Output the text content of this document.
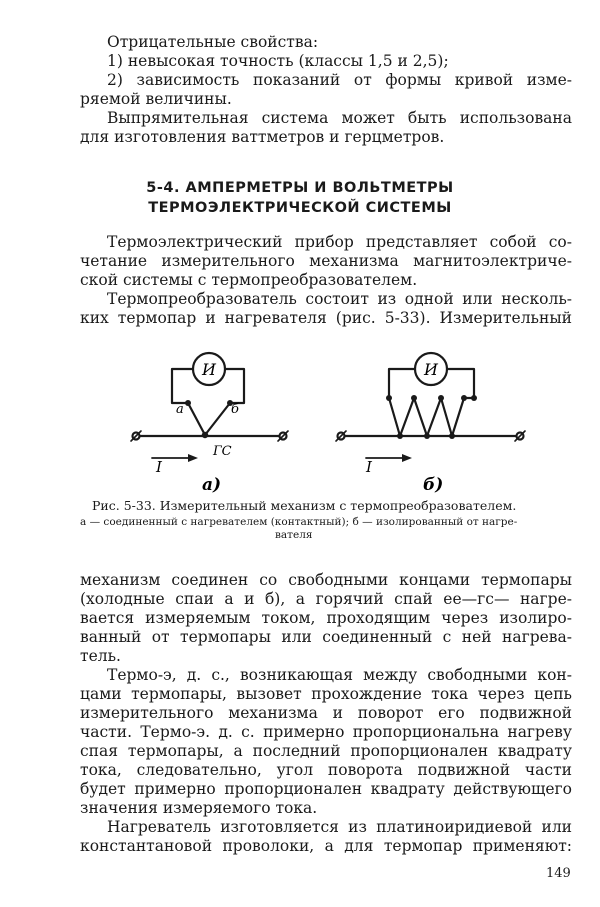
Отрицательные свойства:
1) невысокая точность (классы 1,5 и 2,5);
2) зависимость показаний от формы кривой изме-
ряемой величины.
Выпрямительная система может быть использована
для изготовления ваттметров и герцметров.
5-4. АМПЕРМЕТРЫ И ВОЛЬТМЕТРЫ
ТЕРМОЭЛЕКТРИЧЕСКОЙ СИСТЕМЫ
Термоэлектрический прибор представляет собой со-
четание измерительного механизма магнитоэлектриче-
ской системы с термопреобразователем.
Термопреобразователь состоит из одной или несколь-
ких термопар и нагревателя (рис. 5-33). Измерительный
И	И
а	б
ГС
I	I
а)	б)
Рис. 5-33. Измерительный механизм с термопреобразователем.
а — соединенный с нагревателем (контактный); б — изолированный от нагре-
вателя
механизм соединен со свободными концами термопары
(холодные спаи а и б), а горячий спай ее—гс— нагре-
вается измеряемым током, проходящим через изолиро-
ванный от термопары или соединенный с ней нагрева-
тель.
Термо-э, д. с., возникающая между свободными кон-
цами термопары, вызовет прохождение тока через цепь
измерительного механизма и поворот его подвижной
части. Термо-э. д. с. примерно пропорциональна нагреву
спая термопары, а последний пропорционален квадрату
тока, следовательно, угол поворота подвижной части
будет примерно пропорционален квадрату действующего
значения измеряемого тока.
Нагреватель изготовляется из платиноиридиевой или
константановой проволоки, а для термопар применяют:
149
